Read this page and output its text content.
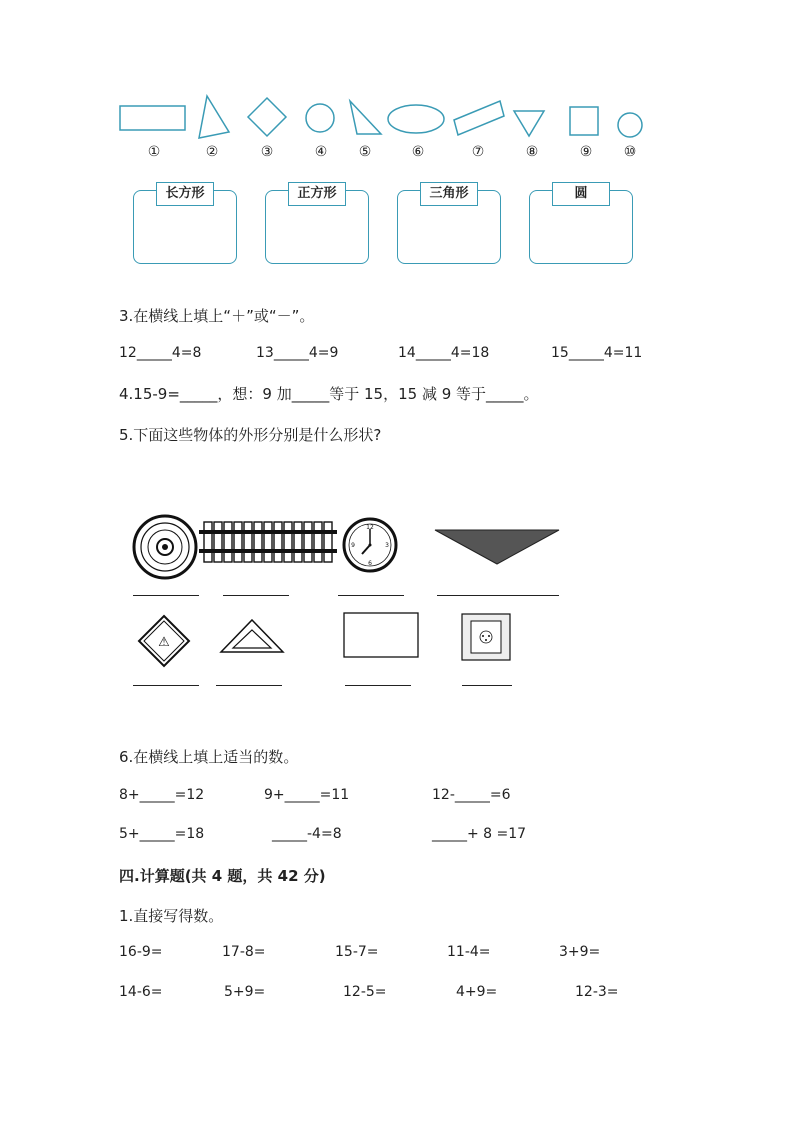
①	②	③	④	⑤	⑥	⑦	⑧	⑨	⑩
长方形	正方形	三角形	圆
3.在横线上填上“＋”或“－”。
12_____4=8	13_____4=9	14_____4=18	15_____4=11
4.15-9=_____，想：9 加_____等于 15，15 减 9 等于_____。
5.下面这些物体的外形分别是什么形状?
12
3
6
9
⚠
6.在横线上填上适当的数。
8+_____=12	9+_____=11	12-_____=6
5+_____=18	_____-4=8	_____+ 8 =17
四.计算题(共 4 题，共 42 分)
1.直接写得数。
16-9=	17-8=	15-7=	11-4=	3+9=
14-6=	5+9=	12-5=	4+9=	12-3=
